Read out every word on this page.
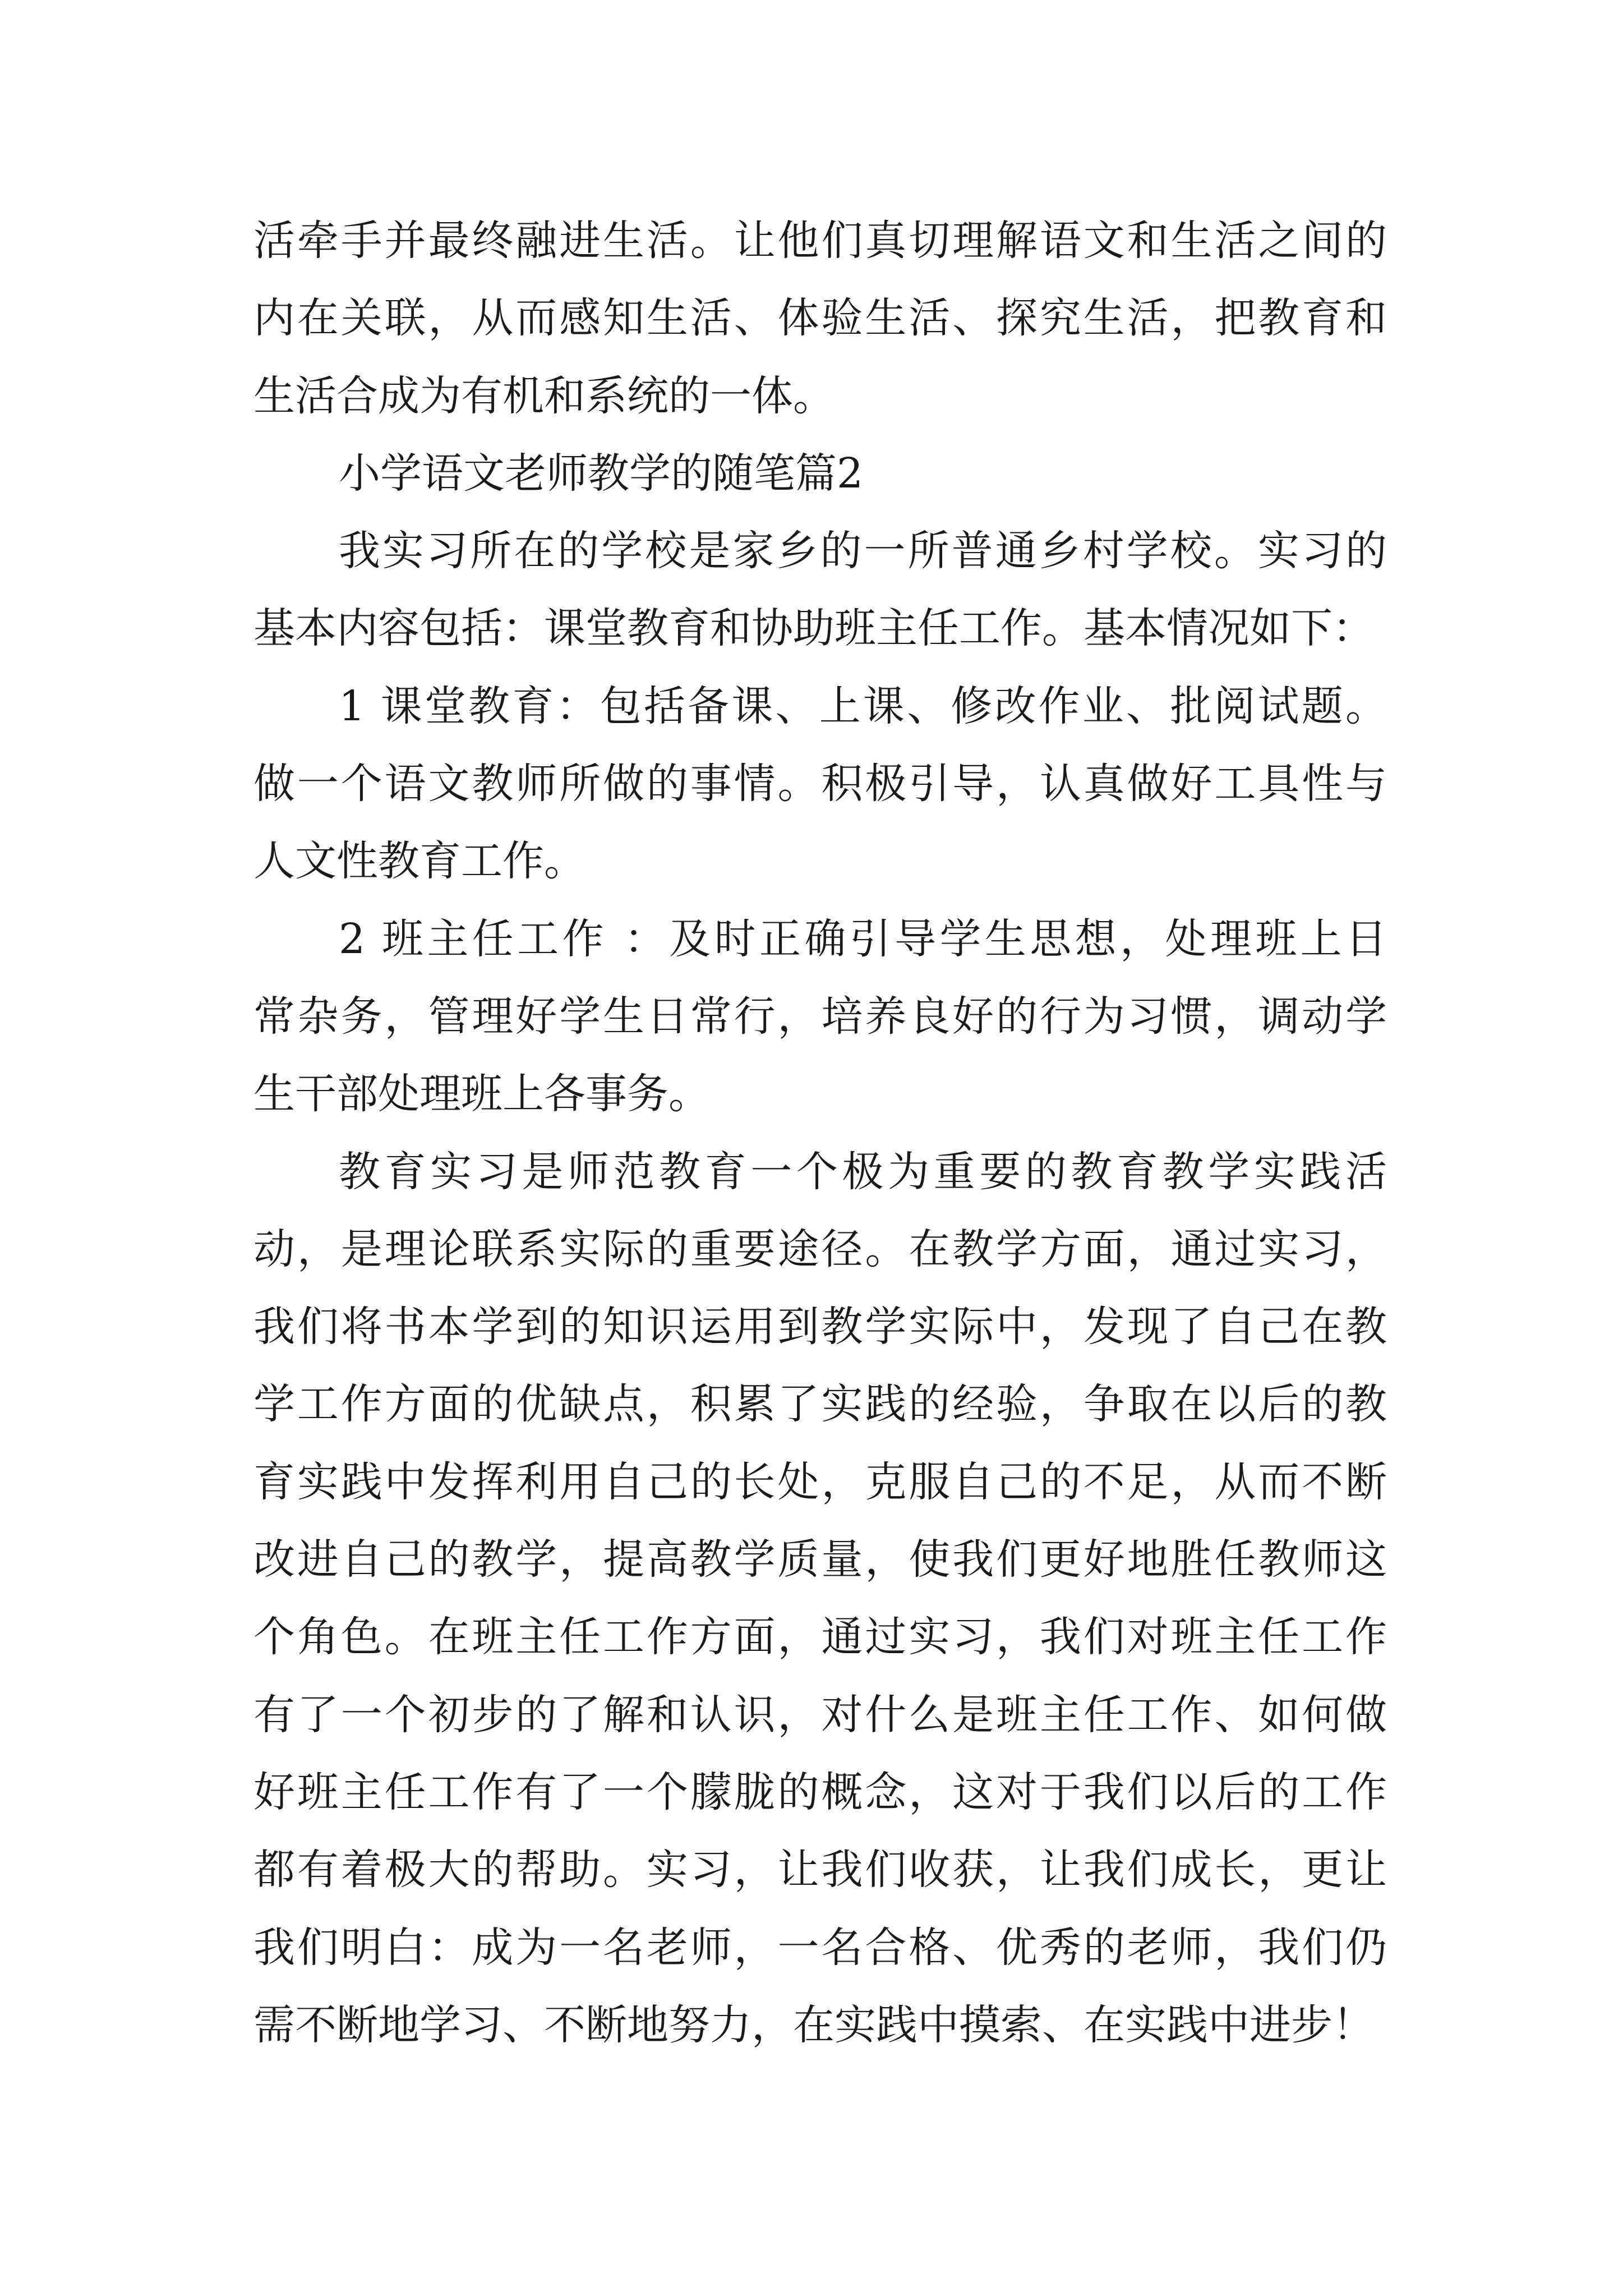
活牵手并最终融进生活。让他们真切理解语文和生活之间的
内在关联，从而感知生活、体验生活、探究生活，把教育和
生活合成为有机和系统的一体。
小学语文老师教学的随笔篇2
我实习所在的学校是家乡的一所普通乡村学校。实习的
基本内容包括：课堂教育和协助班主任工作。基本情况如下：
1 课堂教育：包括备课、上课、修改作业、批阅试题。
做一个语文教师所做的事情。积极引导，认真做好工具性与
人文性教育工作。
2 班主任工作 ：及时正确引导学生思想，处理班上日
常杂务，管理好学生日常行，培养良好的行为习惯，调动学
生干部处理班上各事务。
教育实习是师范教育一个极为重要的教育教学实践活
动，是理论联系实际的重要途径。在教学方面，通过实习，
我们将书本学到的知识运用到教学实际中，发现了自己在教
学工作方面的优缺点，积累了实践的经验，争取在以后的教
育实践中发挥利用自己的长处，克服自己的不足，从而不断
改进自己的教学，提高教学质量，使我们更好地胜任教师这
个角色。在班主任工作方面，通过实习，我们对班主任工作
有了一个初步的了解和认识，对什么是班主任工作、如何做
好班主任工作有了一个朦胧的概念，这对于我们以后的工作
都有着极大的帮助。实习，让我们收获，让我们成长，更让
我们明白：成为一名老师，一名合格、优秀的老师，我们仍
需不断地学习、不断地努力，在实践中摸索、在实践中进步！
